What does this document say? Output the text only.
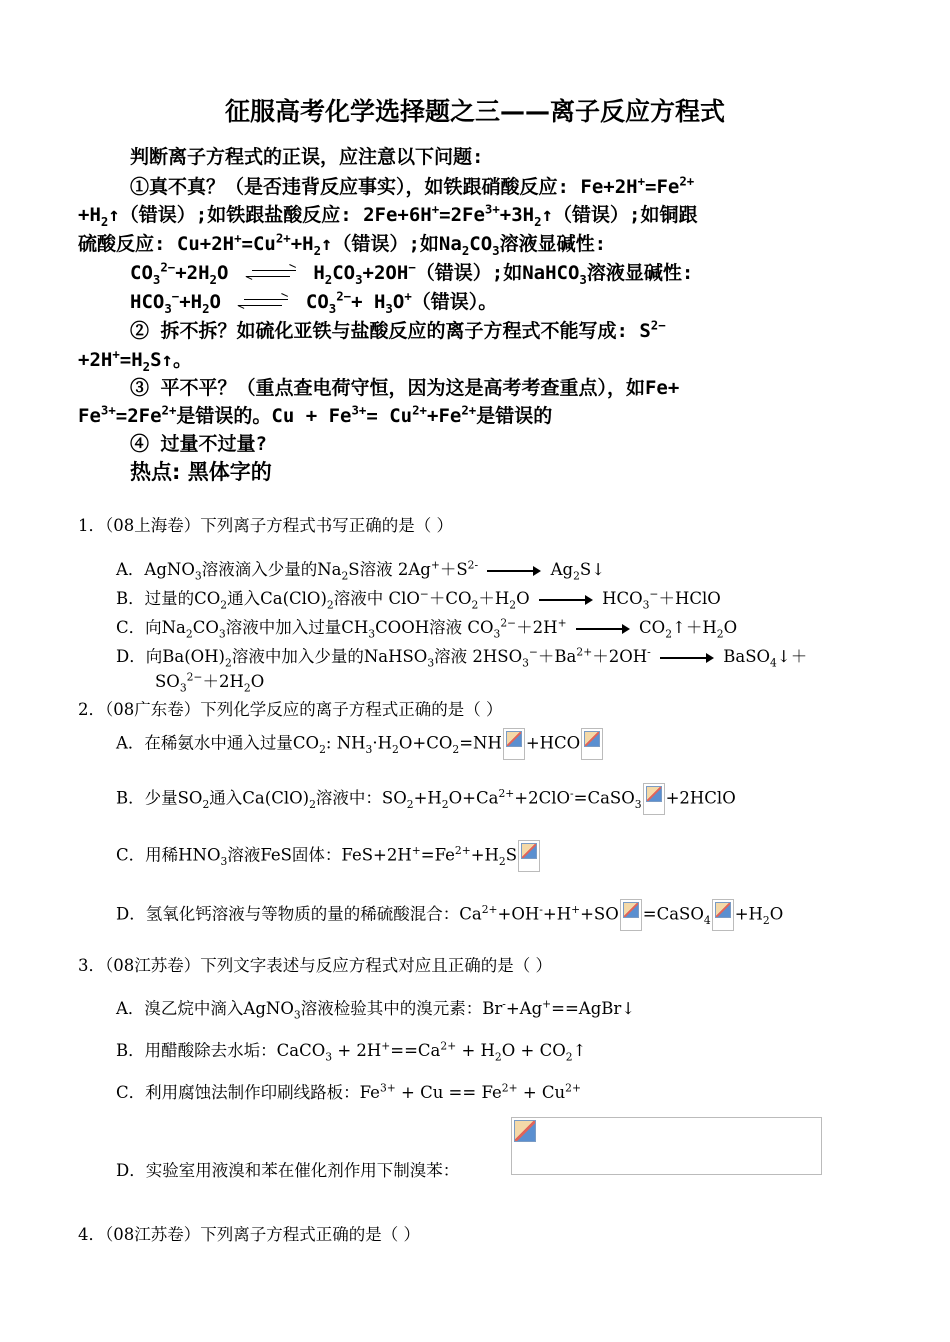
征服高考化学选择题之三——离子反应方程式
判断离子方程式的正误，应注意以下问题:
①真不真？（是否违背反应事实），如铁跟硝酸反应: $Fe+2H^+=Fe^{2+}$
$+H_2↑$（错误）;如铁跟盐酸反应: $2Fe+6H^+=2Fe^{3+}+3H_2↑$（错误）;如铜跟
硫酸反应: $Cu+2H^+=Cu^{2+}+H_2↑$（错误）;如$Na_2CO_3$溶液显碱性:
$CO_3^{2-}+2H_2O$	$H_2CO_3+2OH^-$（错误）;如NaHCO$_3$溶液显碱性:
$HCO_3^-+H_2O$	$CO_3^{2-}+ H_3O^+$（错误）。
② 拆不拆？如硫化亚铁与盐酸反应的离子方程式不能写成: $S^{2-}$
$+2H^+=H_2S↑$。
③ 平不平？（重点查电荷守恒，因为这是高考考查重点），如Fe+
$Fe^{3+}=2Fe^{2+}$是错误的。$Cu + Fe^{3+}= Cu^{2+}+Fe^{2+}$是错误的
④ 过量不过量?
热点: 黑体字的
1．（08上海卷）下列离子方程式书写正确的是（ ）
A．AgNO$_3$溶液滴入少量的$Na_2S$溶液 $2Ag^++S^{2-}$	$Ag_2S$ ↓
B．过量的$CO_2$通入$Ca(ClO)_2$溶液中 $ClO^-+CO_2+H_2O$	$HCO_3^-+HClO$
C．向$Na_2CO_3$溶液中加入过量$CH_3COOH$溶液 $CO_3^{2-}+2H^+$	$CO_2$ ↑ $+H_2O$
D．向$Ba(OH)_2$溶液中加入少量的NaHSO$_3$溶液 $2HSO_3^-+Ba^{2+}+2OH^-$	BaSO$_4$ ↓ ＋
$SO_3^{2-}+2H_2O$
2．（08广东卷）下列化学反应的离子方程式正确的是（ ）
A．在稀氨水中通入过量$CO_2$: $NH_3\cdot H_2O+CO_2=NH +HCO$
B．少量$SO_2$通入$Ca(ClO)_2$溶液中：$SO_2+H_2O+Ca^{2+}+2ClO^-=CaSO_3$ +2HClO
C．用稀$HNO_3$溶液FeS固体：$FeS+2H^+=Fe^{2+}+H_2S$
D．氢氧化钙溶液与等物质的量的稀硫酸混合：$Ca^{2+}+OH^-+H^++SO$ =CaSO$_4$ $+H_2O$
3．（08江苏卷）下列文字表述与反应方程式对应且正确的是（ ）
A．溴乙烷中滴入AgNO$_3$溶液检验其中的溴元素：Br-+Ag+==AgBr ↓
B．用醋酸除去水垢：CaCO$_3$ + $2H^+==Ca^{2+} + H_2O + CO_2$ ↑
C．利用腐蚀法制作印刷线路板：$Fe^{3+} + Cu == Fe^{2+} + Cu^{2+}$
D．实验室用液溴和苯在催化剂作用下制溴苯：
4．（08江苏卷）下列离子方程式正确的是（ ）
